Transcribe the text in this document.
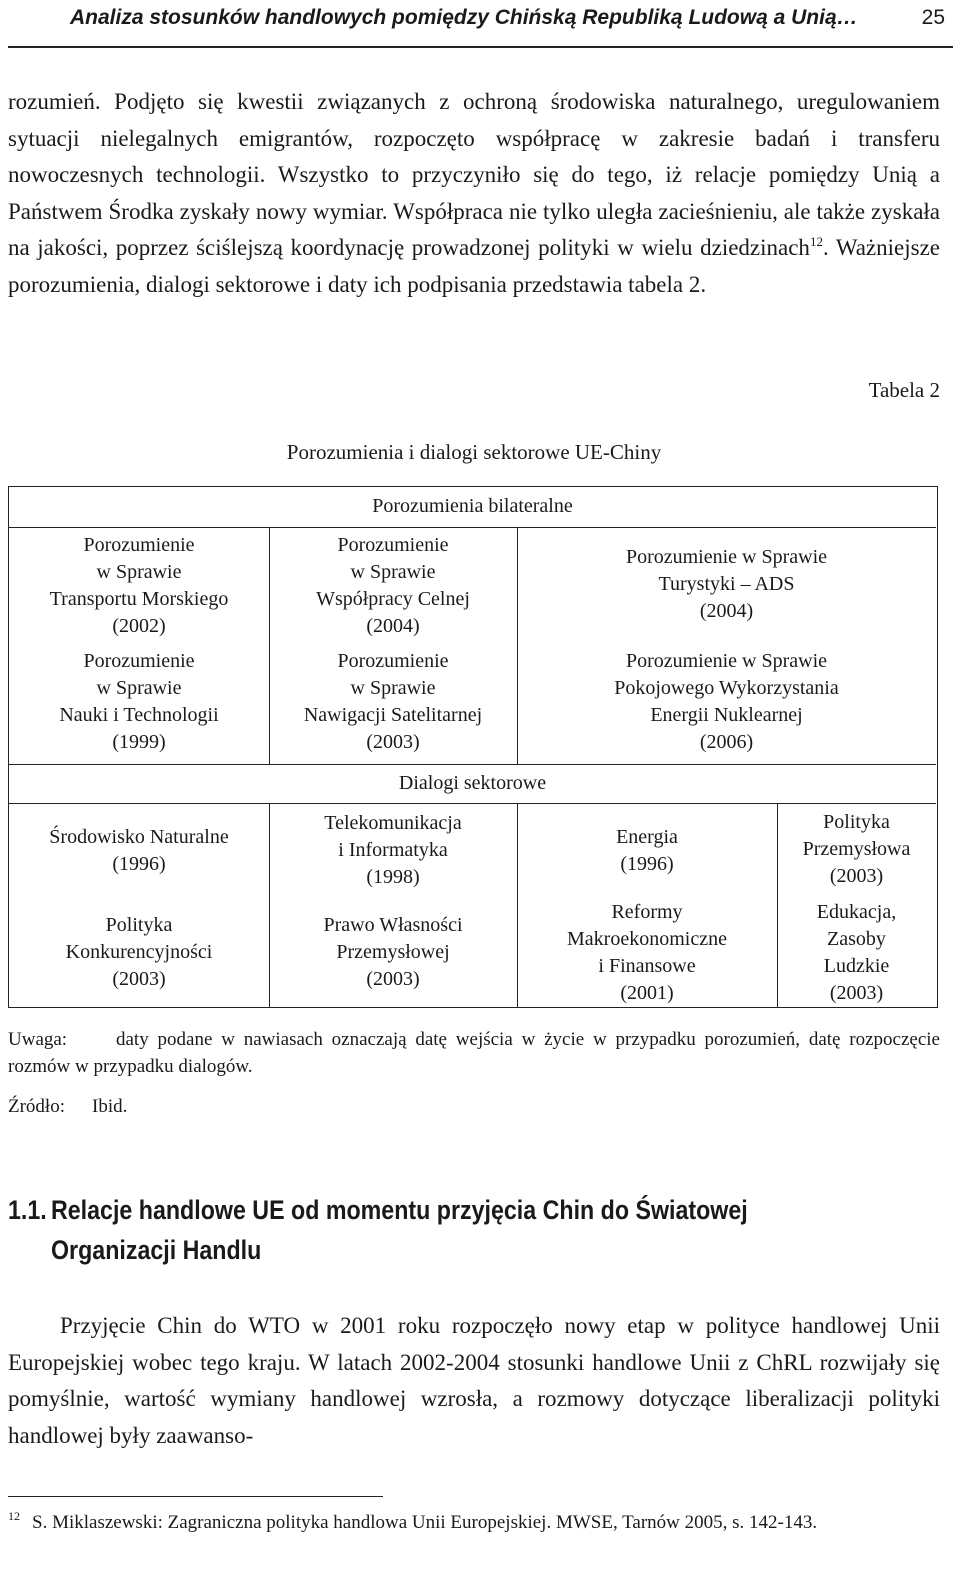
Analiza stosunków handlowych pomiędzy Chińską Republiką Ludową a Unią…	25

rozumień. Podjęto się kwestii związanych z ochroną środowiska naturalnego, uregulowaniem sytuacji nielegalnych emigrantów, rozpoczęto współpracę w zakresie badań i transferu nowoczesnych technologii. Wszystko to przyczyniło się do tego, iż relacje pomiędzy Unią a Państwem Środka zyskały nowy wymiar. Współpraca nie tylko uległa zacieśnieniu, ale także zyskała na jakości, poprzez ściślejszą koordynację prowadzonej polityki w wielu dziedzinach$^{12}$. Ważniejsze porozumienia, dialogi sektorowe i daty ich podpisania przedstawia tabela 2.

Tabela 2
Porozumienia i dialogi sektorowe UE-Chiny
Porozumienia bilateralne
Porozumienie
w Sprawie
Transportu Morskiego
(2002)
Porozumienie
w Sprawie
Współpracy Celnej
(2004)
Porozumienie w Sprawie
Turystyki – ADS
(2004)
Porozumienie
w Sprawie
Nauki i Technologii
(1999)
Porozumienie
w Sprawie
Nawigacji Satelitarnej
(2003)
Porozumienie w Sprawie
Pokojowego Wykorzystania
Energii Nuklearnej
(2006)
Dialogi sektorowe
Środowisko Naturalne
(1996)
Telekomunikacja
i Informatyka
(1998)
Energia
(1996)
Polityka
Przemysłowa
(2003)
Polityka
Konkurencyjności
(2003)
Prawo Własności
Przemysłowej
(2003)
Reformy
Makroekonomiczne
i Finansowe
(2001)
Edukacja,
Zasoby
Ludzkie
(2003)
Uwaga:	daty podane w nawiasach oznaczają datę wejścia w życie w przypadku porozumień, datę rozpoczęcie rozmów w przypadku dialogów.
Źródło: Ibid.
1.1. Relacje handlowe UE od momentu przyjęcia Chin do Światowej
Organizacji Handlu

Przyjęcie Chin do WTO w 2001 roku rozpoczęło nowy etap w polityce handlowej Unii Europejskiej wobec tego kraju. W latach 2002-2004 stosunki handlowe Unii z ChRL rozwijały się pomyślnie, wartość wymiany handlowej wzrosła, a rozmowy dotyczące liberalizacji polityki handlowej były zaawanso-

$^{12}$ S. Miklaszewski: Zagraniczna polityka handlowa Unii Europejskiej. MWSE, Tarnów 2005, s. 142-143.
